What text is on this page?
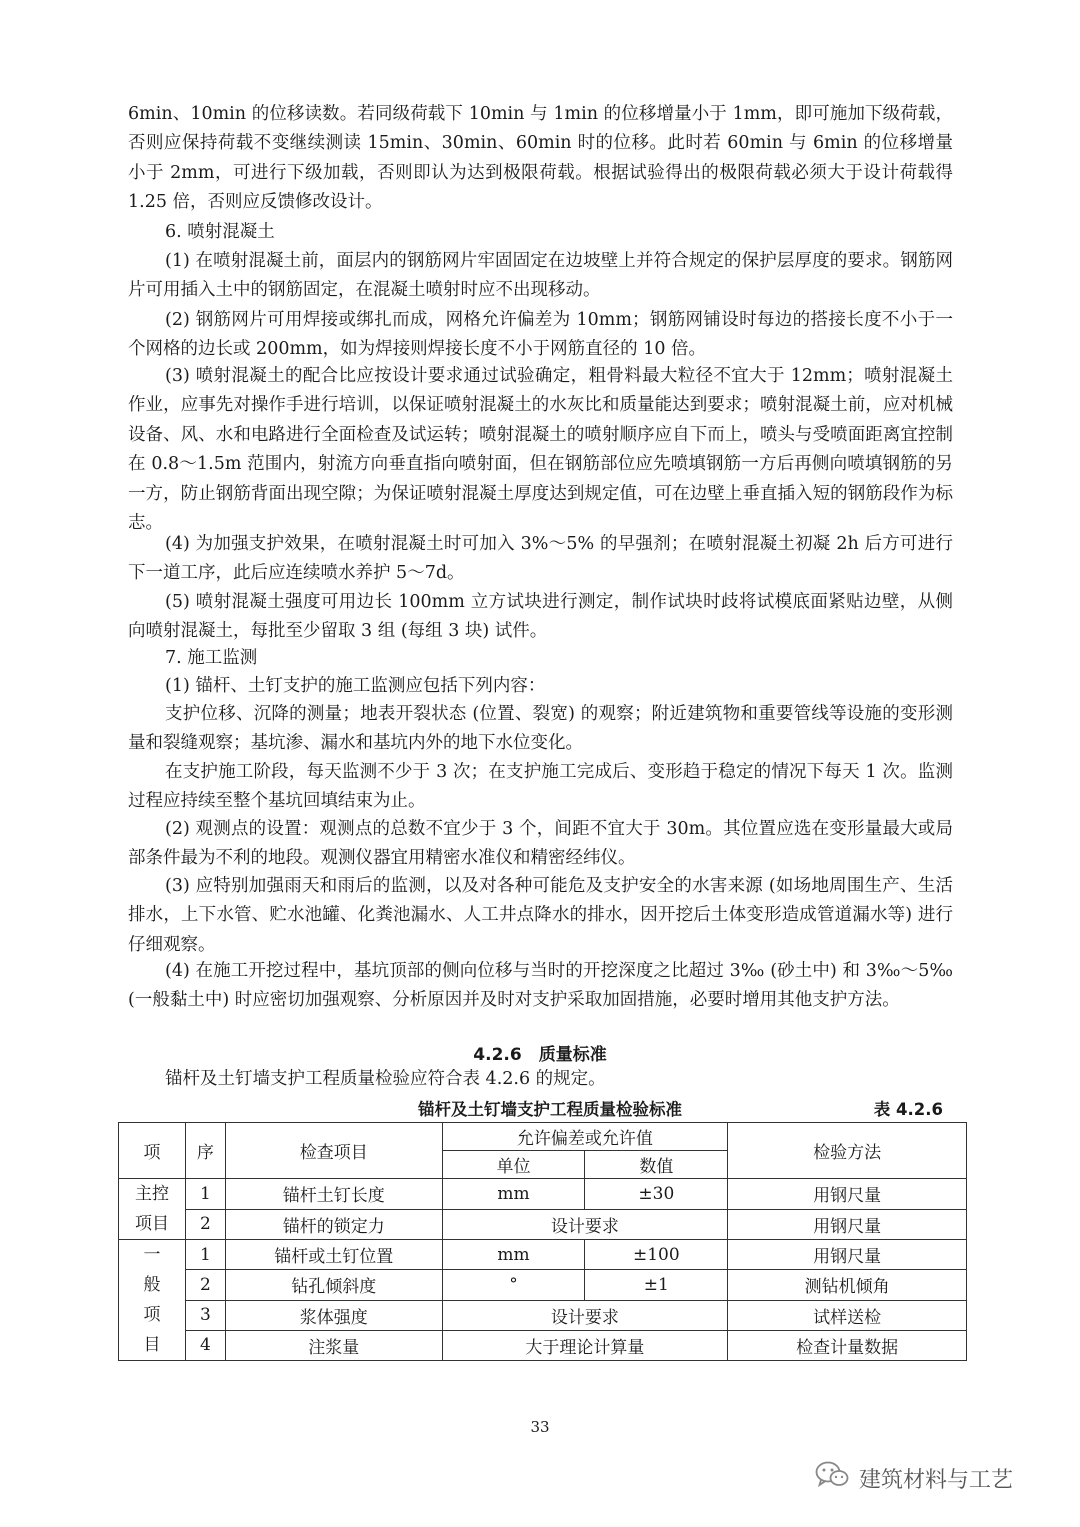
6min、10min 的位移读数。若同级荷载下 10min 与 1min 的位移增量小于 1mm，即可施加下级荷载，否则应保持荷载不变继续测读 15min、30min、60min 时的位移。此时若 60min 与 6min 的位移增量小于 2mm，可进行下级加载，否则即认为达到极限荷载。根据试验得出的极限荷载必须大于设计荷载得 1.25 倍，否则应反馈修改设计。

6. 喷射混凝土

(1) 在喷射混凝土前，面层内的钢筋网片牢固固定在边坡壁上并符合规定的保护层厚度的要求。钢筋网片可用插入土中的钢筋固定，在混凝土喷射时应不出现移动。

(2) 钢筋网片可用焊接或绑扎而成，网格允许偏差为 10mm；钢筋网铺设时每边的搭接长度不小于一个网格的边长或 200mm，如为焊接则焊接长度不小于网筋直径的 10 倍。

(3) 喷射混凝土的配合比应按设计要求通过试验确定，粗骨料最大粒径不宜大于 12mm；喷射混凝土作业，应事先对操作手进行培训，以保证喷射混凝土的水灰比和质量能达到要求；喷射混凝土前，应对机械设备、风、水和电路进行全面检查及试运转；喷射混凝土的喷射顺序应自下而上，喷头与受喷面距离宜控制在 0.8～1.5m 范围内，射流方向垂直指向喷射面，但在钢筋部位应先喷填钢筋一方后再侧向喷填钢筋的另一方，防止钢筋背面出现空隙；为保证喷射混凝土厚度达到规定值，可在边壁上垂直插入短的钢筋段作为标志。

(4) 为加强支护效果，在喷射混凝土时可加入 3%～5% 的早强剂；在喷射混凝土初凝 2h 后方可进行下一道工序，此后应连续喷水养护 5～7d。

(5) 喷射混凝土强度可用边长 100mm 立方试块进行测定，制作试块时歧将试模底面紧贴边壁，从侧向喷射混凝土，每批至少留取 3 组 (每组 3 块) 试件。

7. 施工监测

(1) 锚杆、土钉支护的施工监测应包括下列内容：

支护位移、沉降的测量；地表开裂状态 (位置、裂宽) 的观察；附近建筑物和重要管线等设施的变形测量和裂缝观察；基坑渗、漏水和基坑内外的地下水位变化。

在支护施工阶段，每天监测不少于 3 次；在支护施工完成后、变形趋于稳定的情况下每天 1 次。监测过程应持续至整个基坑回填结束为止。

(2) 观测点的设置：观测点的总数不宜少于 3 个，间距不宜大于 30m。其位置应选在变形量最大或局部条件最为不利的地段。观测仪器宜用精密水准仪和精密经纬仪。

(3) 应特别加强雨天和雨后的监测，以及对各种可能危及支护安全的水害来源 (如场地周围生产、生活排水，上下水管、贮水池罐、化粪池漏水、人工井点降水的排水，因开挖后土体变形造成管道漏水等) 进行仔细观察。

(4) 在施工开挖过程中，基坑顶部的侧向位移与当时的开挖深度之比超过 3‰ (砂土中) 和 3‰～5‰ (一般黏土中) 时应密切加强观察、分析原因并及时对支护采取加固措施，必要时增用其他支护方法。

4.2.6　质量标准

锚杆及土钉墙支护工程质量检验应符合表 4.2.6 的规定。

锚杆及土钉墙支护工程质量检验标准	表 4.2.6
项	序	检查项目	允许偏差或允许值		检验方法
			单位	数值	
主控
项目	1	锚杆土钉长度	mm	±30	用钢尺量
	2	锚杆的锁定力	设计要求		用钢尺量
一
般
项
目	1	锚杆或土钉位置	mm	±100	用钢尺量
	2	钻孔倾斜度	°	±1	测钻机倾角
	3	浆体强度	设计要求		试样送检
	4	注浆量	大于理论计算量		检查计量数据
33
建筑材料与工艺
